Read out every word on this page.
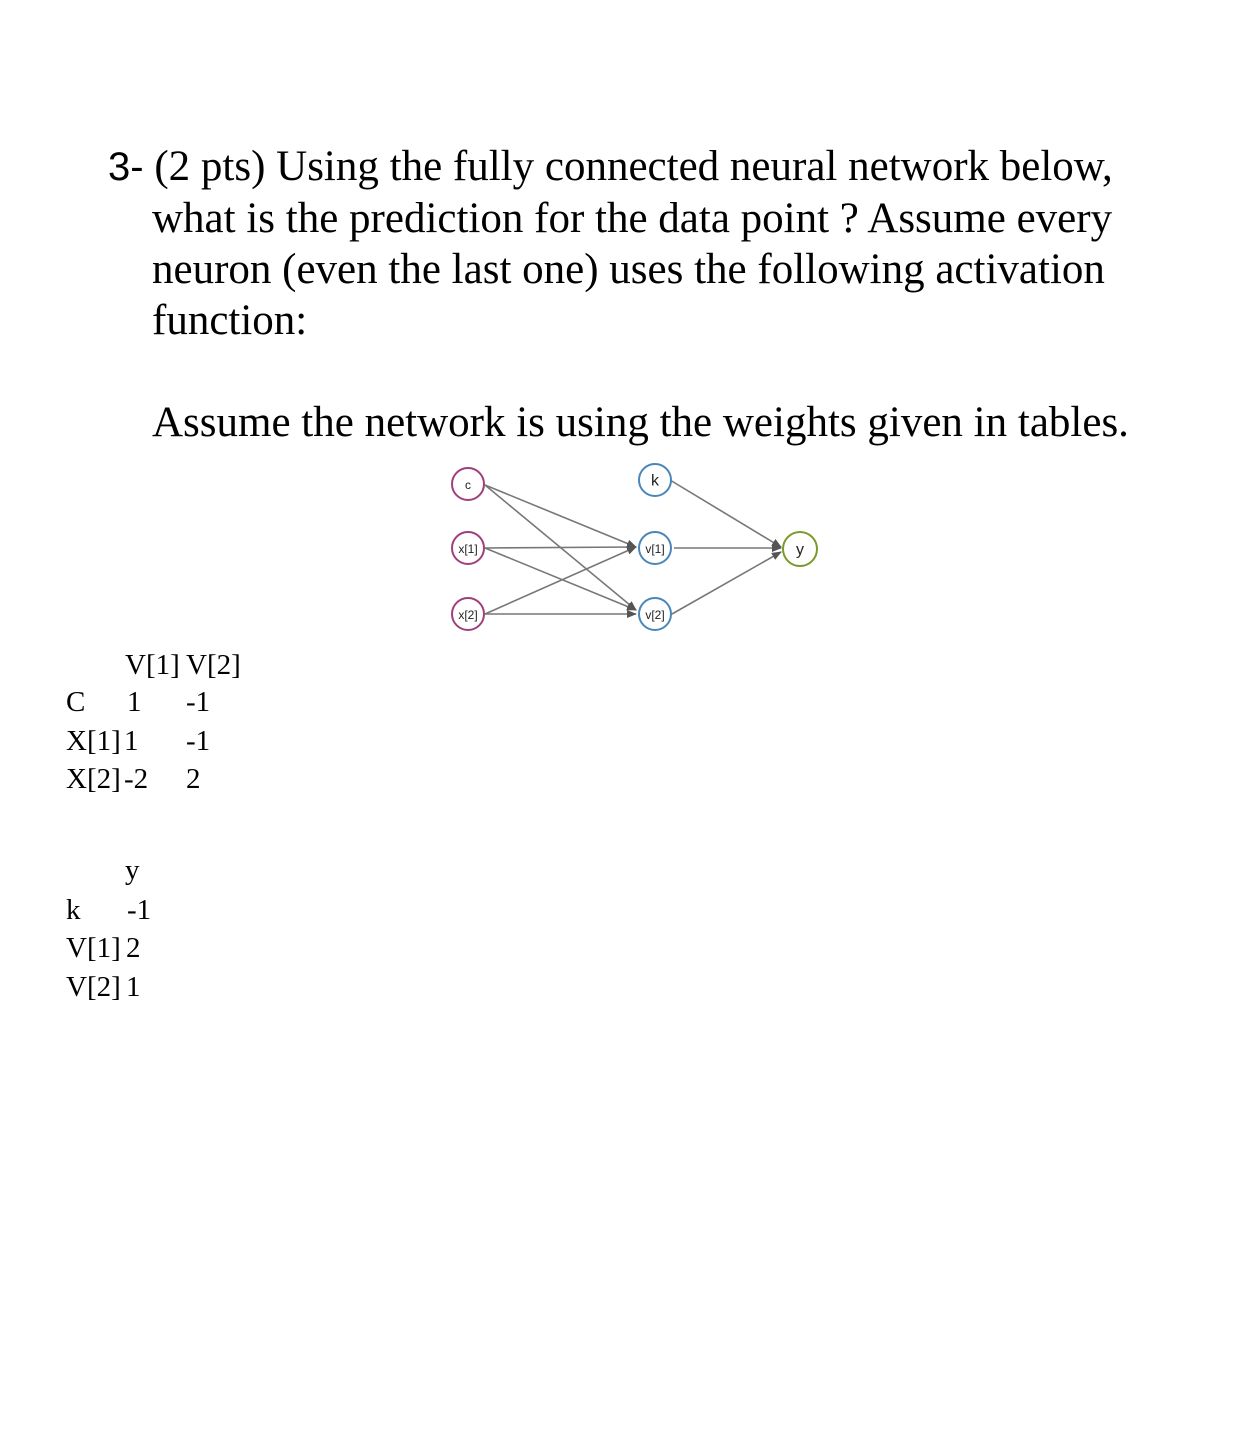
3- (2 pts) Using the fully connected neural network below,
what is the prediction for the data point ? Assume every
neuron (even the last one) uses the following activation
function:
Assume the network is using the weights given in tables.
c
x[1]
x[2]
k
v[1]
v[2]
y
V[1] V[2]
C 1 -1
X[1] 1 -1
X[2] -2 2
y
k -1
V[1] 2
V[2] 1
